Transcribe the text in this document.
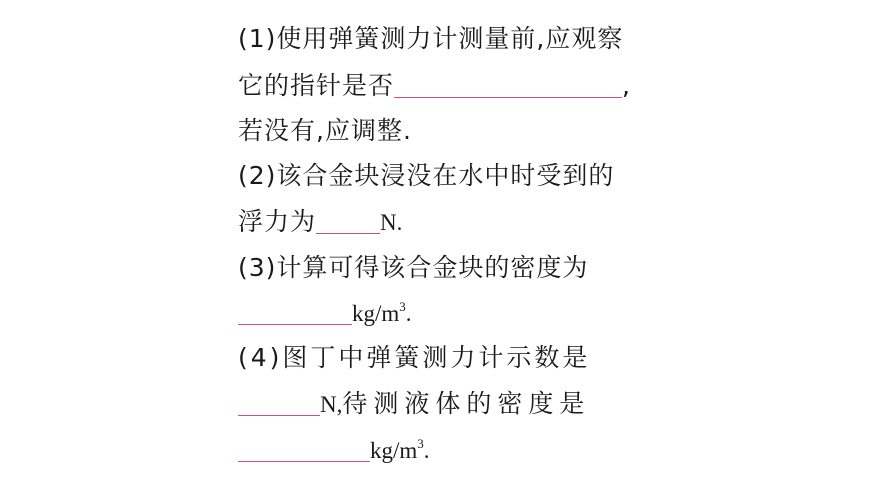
(1)使用弹簧测力计测量前,应观察
它的指针是否	,
若没有,应调整.
(2)该合金块浸没在水中时受到的
浮力为	N.
(3)计算可得该合金块的密度为
$kg/m^3$.
(4)图丁中弹簧测力计示数是
N,待测液体的密度是
$kg/m^3$.
